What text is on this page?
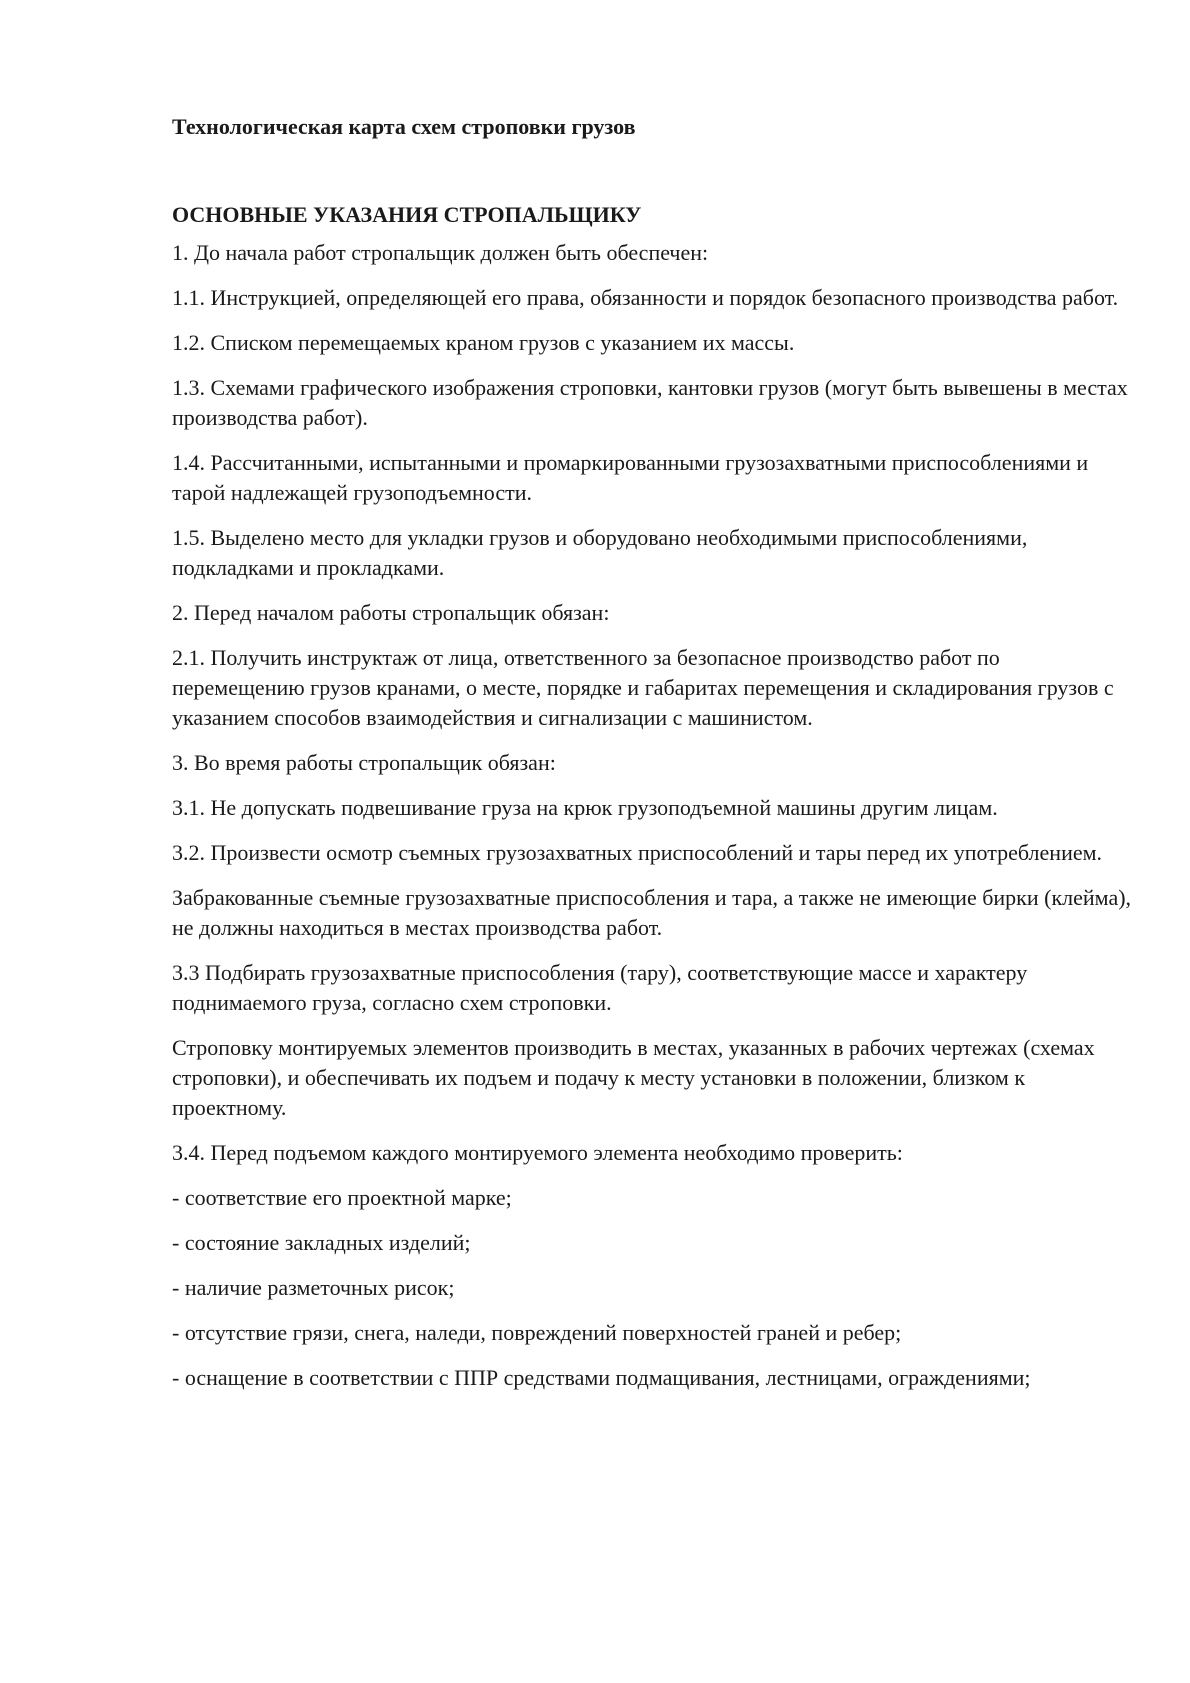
Технологическая карта схем строповки грузов
ОСНОВНЫЕ УКАЗАНИЯ СТРОПАЛЬЩИКУ

1. До начала работ стропальщик должен быть обеспечен:

1.1. Инструкцией, определяющей его права, обязанности и порядок безопасного производства работ.

1.2. Списком перемещаемых краном грузов с указанием их массы.

1.3. Схемами графического изображения строповки, кантовки грузов (могут быть вывешены в местах производства работ).

1.4. Рассчитанными, испытанными и промаркированными грузозахватными приспособлениями и тарой надлежащей грузоподъемности.

1.5. Выделено место для укладки грузов и оборудовано необходимыми приспособлениями, подкладками и прокладками.

2. Перед началом работы стропальщик обязан:

2.1. Получить инструктаж от лица, ответственного за безопасное производство работ по перемещению грузов кранами, о месте, порядке и габаритах перемещения и складирования грузов с указанием способов взаимодействия и сигнализации с машинистом.

3. Во время работы стропальщик обязан:

3.1. Не допускать подвешивание груза на крюк грузоподъемной машины другим лицам.

3.2. Произвести осмотр съемных грузозахватных приспособлений и тары перед их употреблением.

Забракованные съемные грузозахватные приспособления и тара, а также не имеющие бирки (клейма), не должны находиться в местах производства работ.

3.3 Подбирать грузозахватные приспособления (тару), соответствующие массе и характеру поднимаемого груза, согласно схем строповки.

Строповку монтируемых элементов производить в местах, указанных в рабочих чертежах (схемах строповки), и обеспечивать их подъем и подачу к месту установки в положении, близком к проектному.

3.4. Перед подъемом каждого монтируемого элемента необходимо проверить:

- соответствие его проектной марке;

- состояние закладных изделий;

- наличие разметочных рисок;

- отсутствие грязи, снега, наледи, повреждений поверхностей граней и ребер;

- оснащение в соответствии с ППР средствами подмащивания, лестницами, ограждениями;
